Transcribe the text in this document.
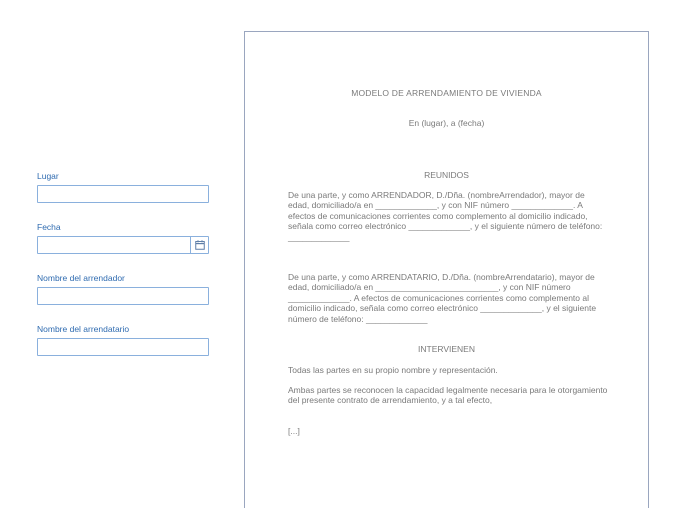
Lugar
Fecha
Nombre del arrendador
Nombre del arrendatario
MODELO DE ARRENDAMIENTO DE VIVIENDA
En (lugar), a (fecha)
REUNIDOS
De una parte, y como ARRENDADOR, D./Dña. (nombreArrendador), mayor de edad, domiciliado/a en _____________, y con NIF número _____________. A efectos de comunicaciones corrientes como complemento al domicilio indicado, señala como correo electrónico _____________, y el siguiente número de teléfono: _____________
De una parte, y como ARRENDATARIO, D./Dña. (nombreArrendatario), mayor de edad, domiciliado/a en __________________________, y con NIF número _____________. A efectos de comunicaciones corrientes como complemento al domicilio indicado, señala como correo electrónico _____________, y el siguiente número de teléfono: _____________
INTERVIENEN
Todas las partes en su propio nombre y representación.
Ambas partes se reconocen la capacidad legalmente necesaria para le otorgamiento del presente contrato de arrendamiento, y a tal efecto,
[...]
